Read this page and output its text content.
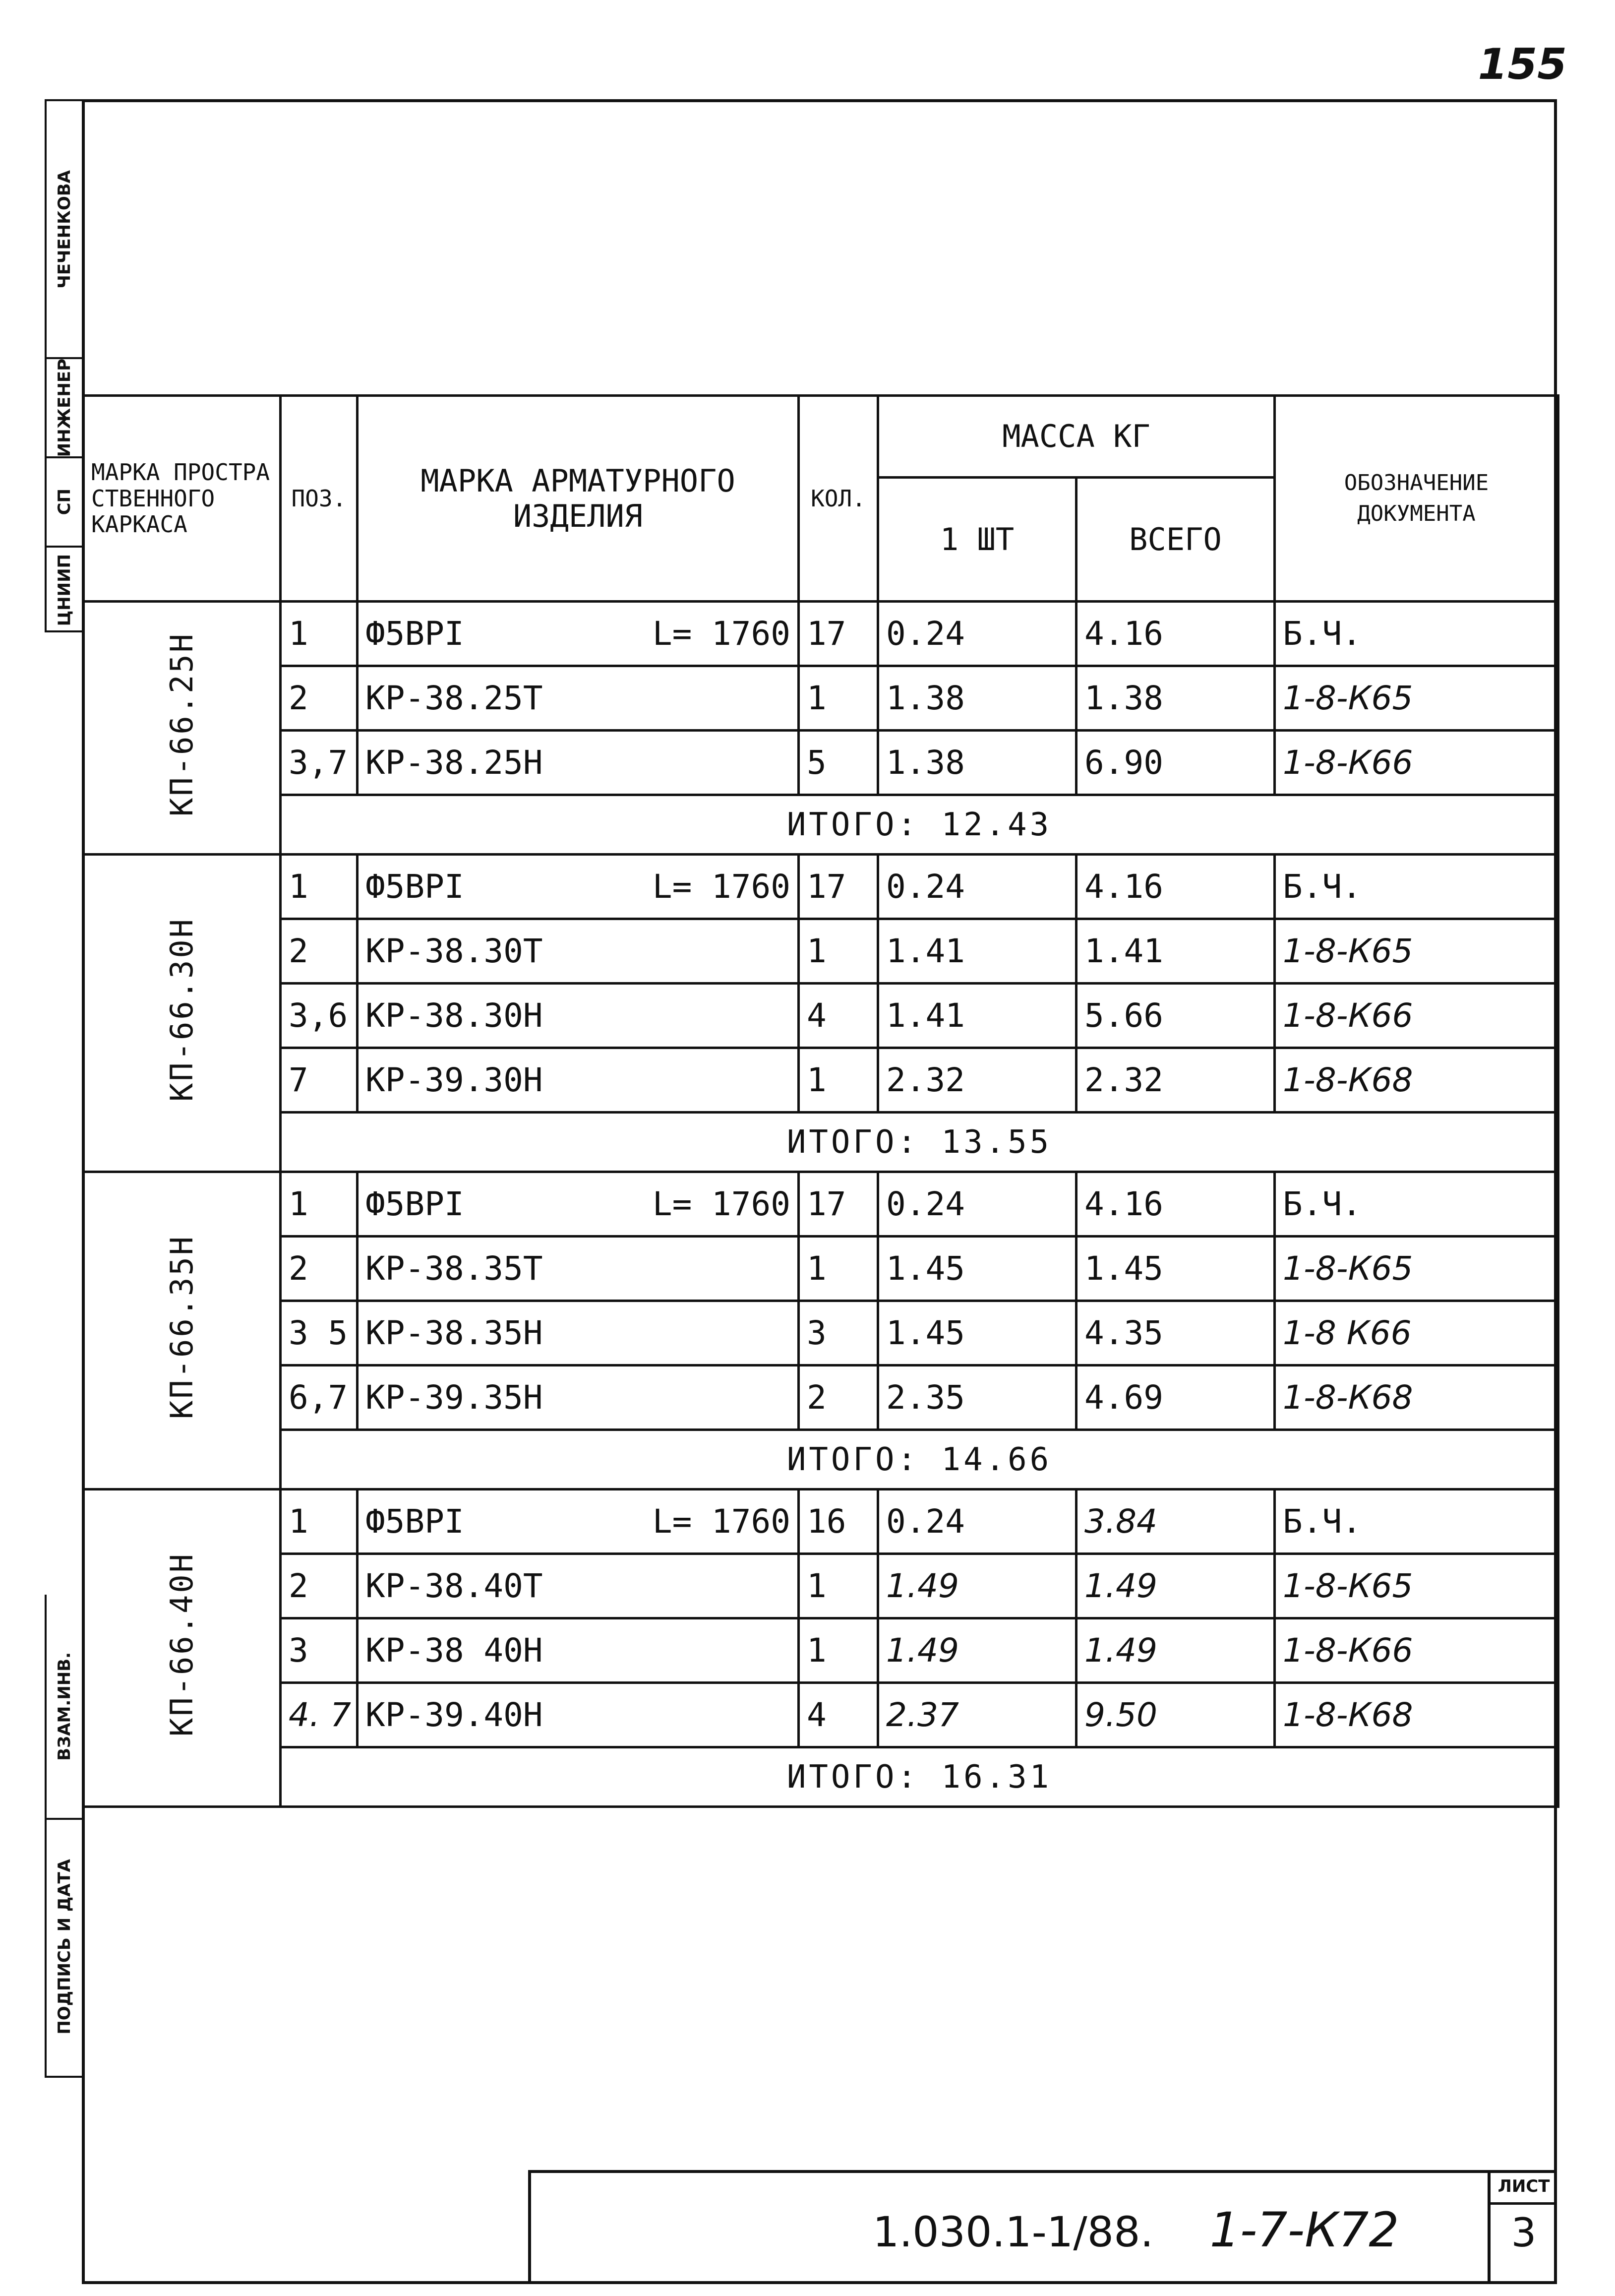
155
ЧЕЧЕНКОВА
ИНЖЕНЕР
СП
ЦНИИП
ВЗАМ.ИНВ.
ПОДПИСЬ И ДАТА
МАРКА ПРОСТРА СТВЕННОГО КАРКАСА	ПОЗ.	МАРКА АРМАТУРНОГО ИЗДЕЛИЯ	КОЛ.	МАССА КГ		ОБОЗНАЧЕНИЕ ДОКУМЕНТА
				1 ШТ	ВСЕГО	
КП-66.25Н	1	Ф5ВРI L= 1760	17	0.24	4.16	Б.Ч.
	2	КР-38.25Т	1	1.38	1.38	1-8-К65
	3,7	КР-38.25Н	5	1.38	6.90	1-8-К66
	ИТОГО: 12.43					
КП-66.30Н	1	Ф5ВРI L= 1760	17	0.24	4.16	Б.Ч.
	2	КР-38.30Т	1	1.41	1.41	1-8-К65
	3,6	КР-38.30Н	4	1.41	5.66	1-8-К66
	7	КР-39.30Н	1	2.32	2.32	1-8-К68
	ИТОГО: 13.55					
КП-66.35Н	1	Ф5ВРI L= 1760	17	0.24	4.16	Б.Ч.
	2	КР-38.35Т	1	1.45	1.45	1-8-К65
	3 5	КР-38.35Н	3	1.45	4.35	1-8 К66
	6,7	КР-39.35Н	2	2.35	4.69	1-8-К68
	ИТОГО: 14.66					
КП-66.40Н	1	Ф5ВРI L= 1760	16	0.24	3.84	Б.Ч.
	2	КР-38.40Т	1	1.49	1.49	1-8-К65
	3	КР-38 40Н	1	1.49	1.49	1-8-К66
	4. 7	КР-39.40Н	4	2.37	9.50	1-8-К68
	ИТОГО: 16.31					
1.030.1-1/88. 1-7-К72
ЛИСТ
3
